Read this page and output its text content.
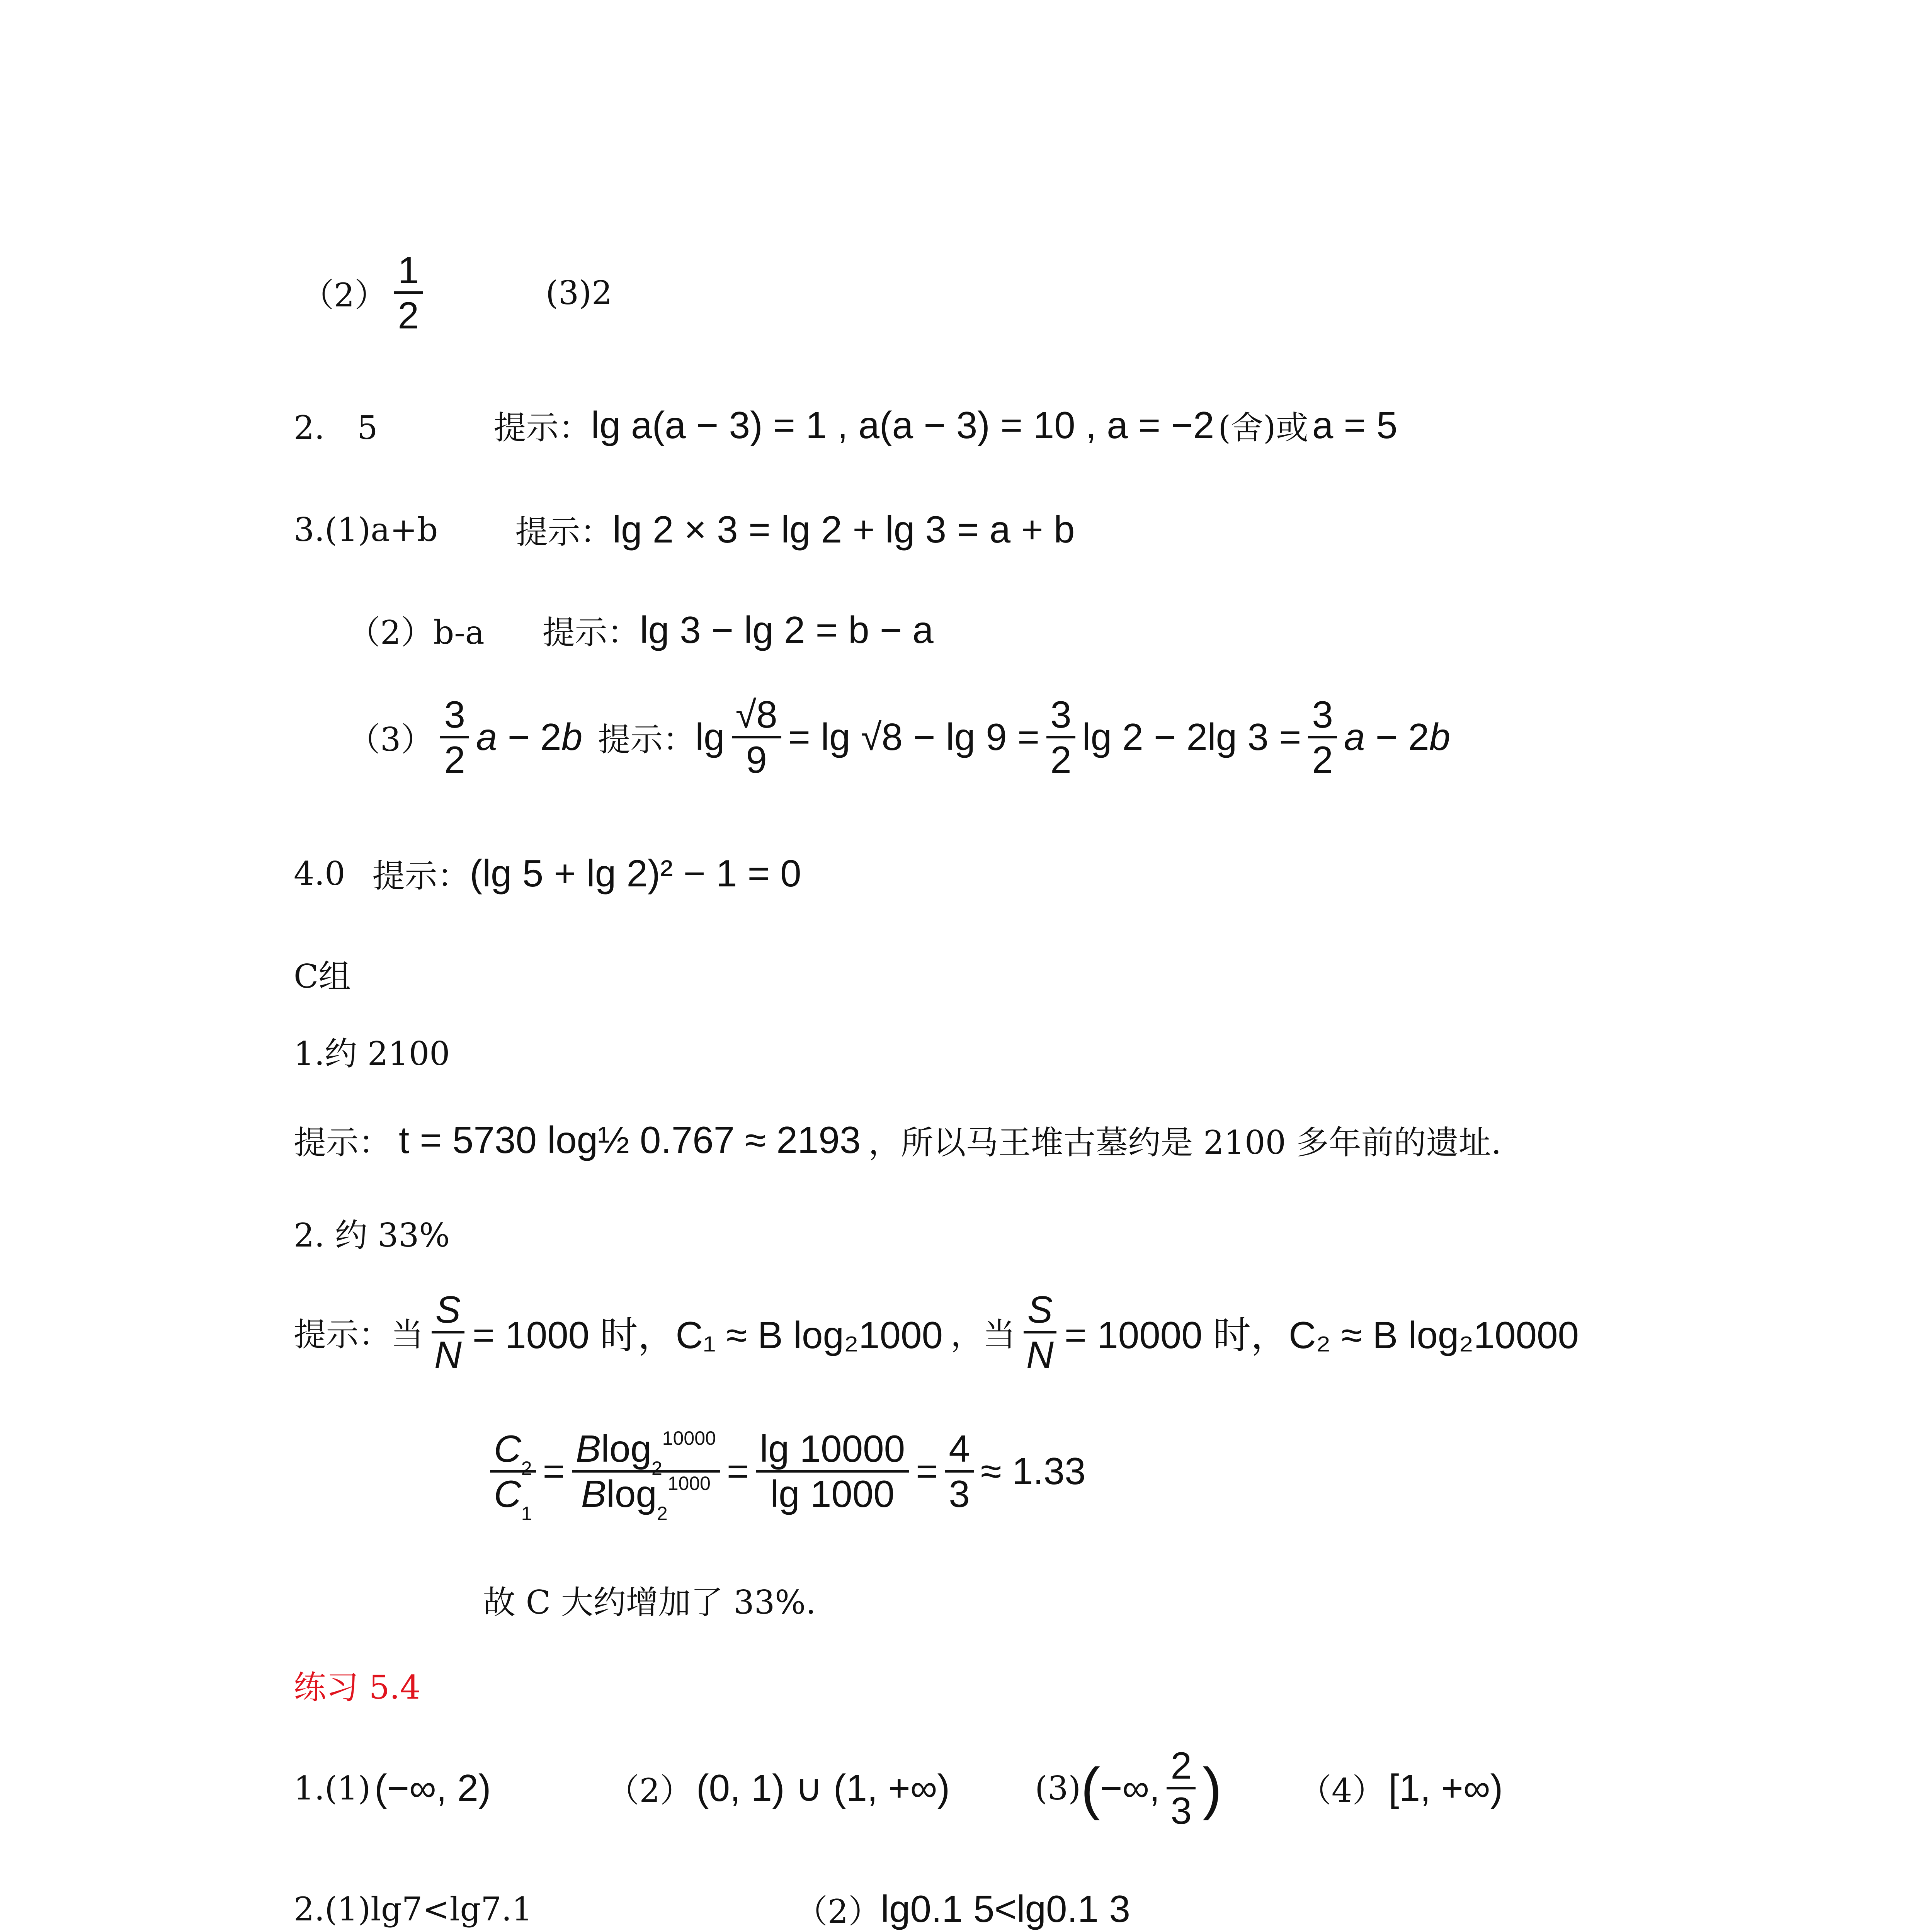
$(2) \frac{1}{2}$	(3)2
2.　5	提示： lg a(a − 3) = 1 , a(a − 3) = 10 , a = −2 (舍) 或 a = 5
3.(1)a+b 提示： lg 2 × 3 = lg 2 + lg 3 = a + b
（2）b-a 提示： lg 3 − lg 2 = b − a
$(3) \frac{3}{2}$ a − 2b 提示： $\lg \frac{√8}{9} = \lg √8 - \lg 9 = \frac{3}{2}$ lg 2 − 2lg $3 = \frac{3}{2}$ a − 2b
4.0 提示： (lg 5 + lg 2)² − 1 = 0
C组
1.约 2100
提示： t = 5730 log½ 0.767 ≈ 2193 ，所以马王堆古墓约是 2100 多年前的遗址.
2. 约 33%
提示：当 $\frac{S}{N} = 1000$ 时，C₁ ≈ B log₂1000 ，当 $\frac{S}{N} = 10000$ 时，C₂ ≈ B log₂10000
$\frac{C_2}{C_1} = \frac{Blog_2^{10000}}{Blog_2^{1000}} = \frac{\lg 10000}{\lg 1000} = \frac{4}{3} \approx 1.33$
故 C 大约增加了 33%.
练习 5.4
1.(1) (−∞, 2)	（2） (0, 1) ∪ (1, +∞)	(3) ( −∞, $\frac{2}{3}$ ) （4） [1, +∞)
2.(1)lg7<lg7.1	（2） lg0.1 5<lg0.1 3
